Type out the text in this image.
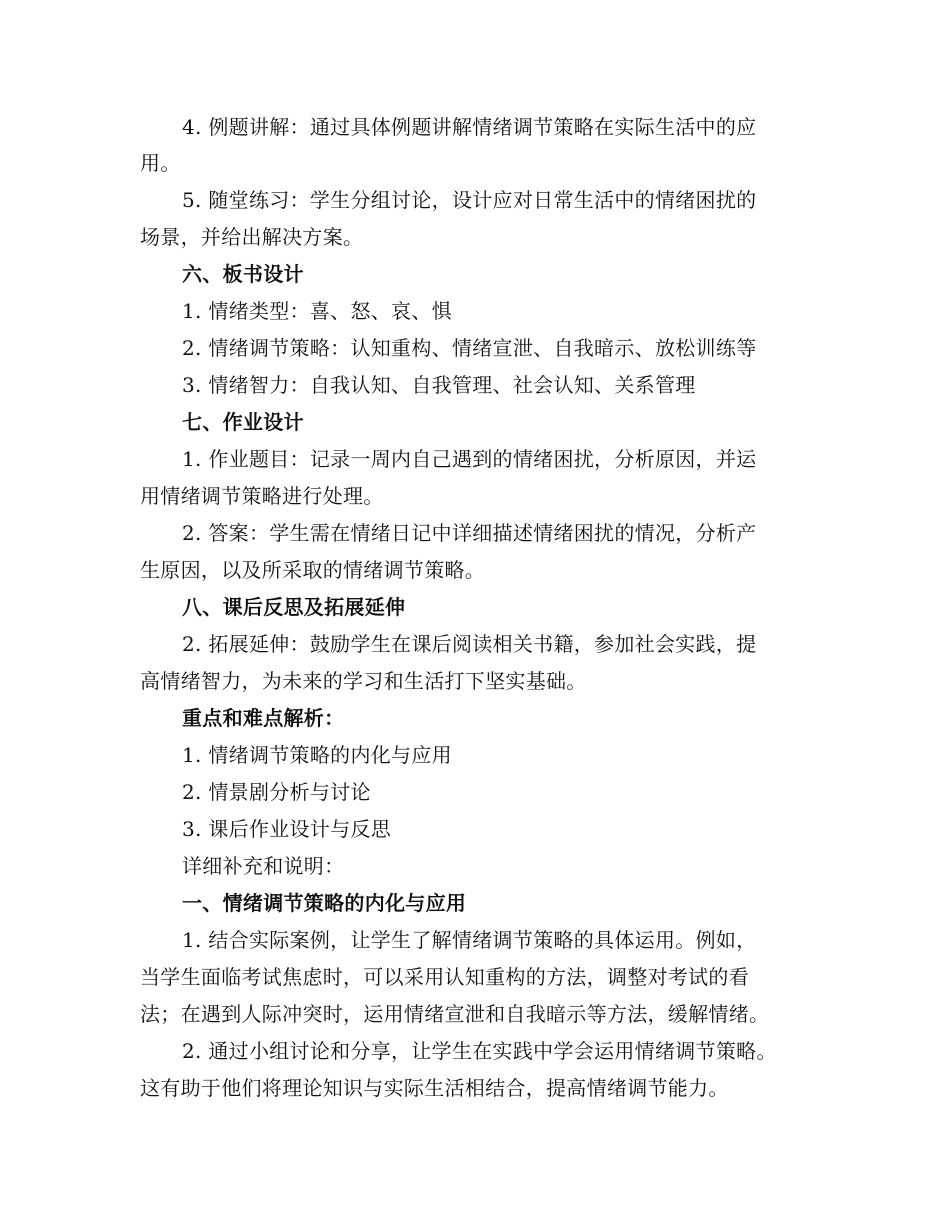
4. 例题讲解：通过具体例题讲解情绪调节策略在实际生活中的应
用。
5. 随堂练习：学生分组讨论，设计应对日常生活中的情绪困扰的
场景，并给出解决方案。
六、板书设计
1. 情绪类型：喜、怒、哀、惧
2. 情绪调节策略：认知重构、情绪宣泄、自我暗示、放松训练等
3. 情绪智力：自我认知、自我管理、社会认知、关系管理
七、作业设计
1. 作业题目：记录一周内自己遇到的情绪困扰，分析原因，并运
用情绪调节策略进行处理。
2. 答案：学生需在情绪日记中详细描述情绪困扰的情况，分析产
生原因，以及所采取的情绪调节策略。
八、课后反思及拓展延伸
2. 拓展延伸：鼓励学生在课后阅读相关书籍，参加社会实践，提
高情绪智力，为未来的学习和生活打下坚实基础。
重点和难点解析：
1. 情绪调节策略的内化与应用
2. 情景剧分析与讨论
3. 课后作业设计与反思
详细补充和说明：
一、情绪调节策略的内化与应用
1. 结合实际案例，让学生了解情绪调节策略的具体运用。例如，
当学生面临考试焦虑时，可以采用认知重构的方法，调整对考试的看
法；在遇到人际冲突时，运用情绪宣泄和自我暗示等方法，缓解情绪。
2. 通过小组讨论和分享，让学生在实践中学会运用情绪调节策略。
这有助于他们将理论知识与实际生活相结合，提高情绪调节能力。
